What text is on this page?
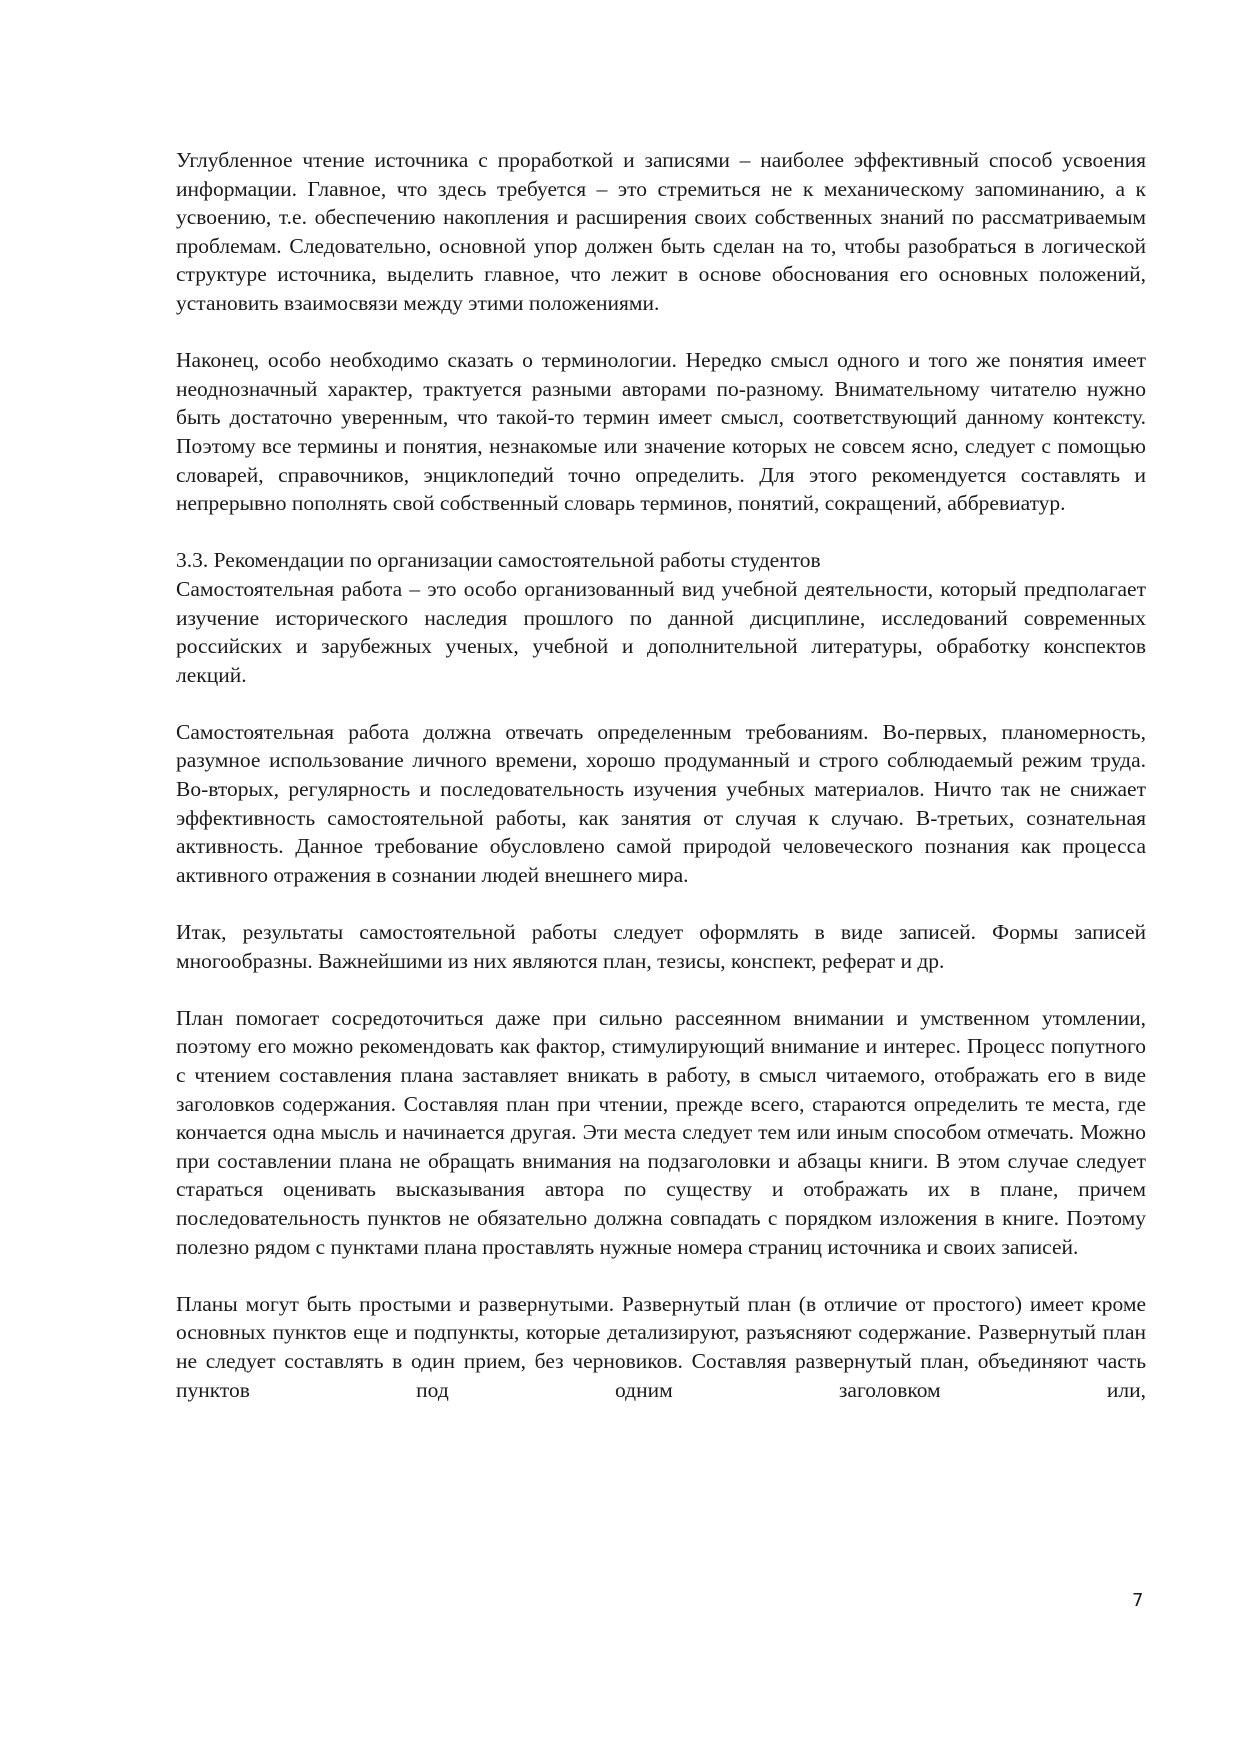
Углубленное чтение источника с проработкой и записями – наиболее эффективный способ усвоения информации. Главное, что здесь требуется – это стремиться не к механическому запоминанию, а к усвоению, т.е. обеспечению накопления и расширения своих собственных знаний по рассматриваемым проблемам. Следовательно, основной упор должен быть сделан на то, чтобы разобраться в логической структуре источника, выделить главное, что лежит в основе обоснования его основных положений, установить взаимосвязи между этими положениями.

Наконец, особо необходимо сказать о терминологии. Нередко смысл одного и того же понятия имеет неоднозначный характер, трактуется разными авторами по-разному. Внимательному читателю нужно быть достаточно уверенным, что такой-то термин имеет смысл, соответствующий данному контексту. Поэтому все термины и понятия, незнакомые или значение которых не совсем ясно, следует с помощью словарей, справочников, энциклопедий точно определить. Для этого рекомендуется составлять и непрерывно пополнять свой собственный словарь терминов, понятий, сокращений, аббревиатур.

3.3. Рекомендации по организации самостоятельной работы студентов

Самостоятельная работа – это особо организованный вид учебной деятельности, который предполагает изучение исторического наследия прошлого по данной дисциплине, исследований современных российских и зарубежных ученых, учебной и дополнительной литературы, обработку конспектов лекций.

Самостоятельная работа должна отвечать определенным требованиям. Во-первых, планомерность, разумное использование личного времени, хорошо продуманный и строго соблюдаемый режим труда. Во-вторых, регулярность и последовательность изучения учебных материалов. Ничто так не снижает эффективность самостоятельной работы, как занятия от случая к случаю. В-третьих, сознательная активность. Данное требование обусловлено самой природой человеческого познания как процесса активного отражения в сознании людей внешнего мира.

Итак, результаты самостоятельной работы следует оформлять в виде записей. Формы записей многообразны. Важнейшими из них являются план, тезисы, конспект, реферат и др.

План помогает сосредоточиться даже при сильно рассеянном внимании и умственном утомлении, поэтому его можно рекомендовать как фактор, стимулирующий внимание и интерес. Процесс попутного с чтением составления плана заставляет вникать в работу, в смысл читаемого, отображать его в виде заголовков содержания. Составляя план при чтении, прежде всего, стараются определить те места, где кончается одна мысль и начинается другая. Эти места следует тем или иным способом отмечать. Можно при составлении плана не обращать внимания на подзаголовки и абзацы книги. В этом случае следует стараться оценивать высказывания автора по существу и отображать их в плане, причем последовательность пунктов не обязательно должна совпадать с порядком изложения в книге. Поэтому полезно рядом с пунктами плана проставлять нужные номера страниц источника и своих записей.

Планы могут быть простыми и развернутыми. Развернутый план (в отличие от простого) имеет кроме основных пунктов еще и подпункты, которые детализируют, разъясняют содержание. Развернутый план не следует составлять в один прием, без черновиков. Составляя развернутый план, объединяют часть пунктов под одним заголовком или,

7
